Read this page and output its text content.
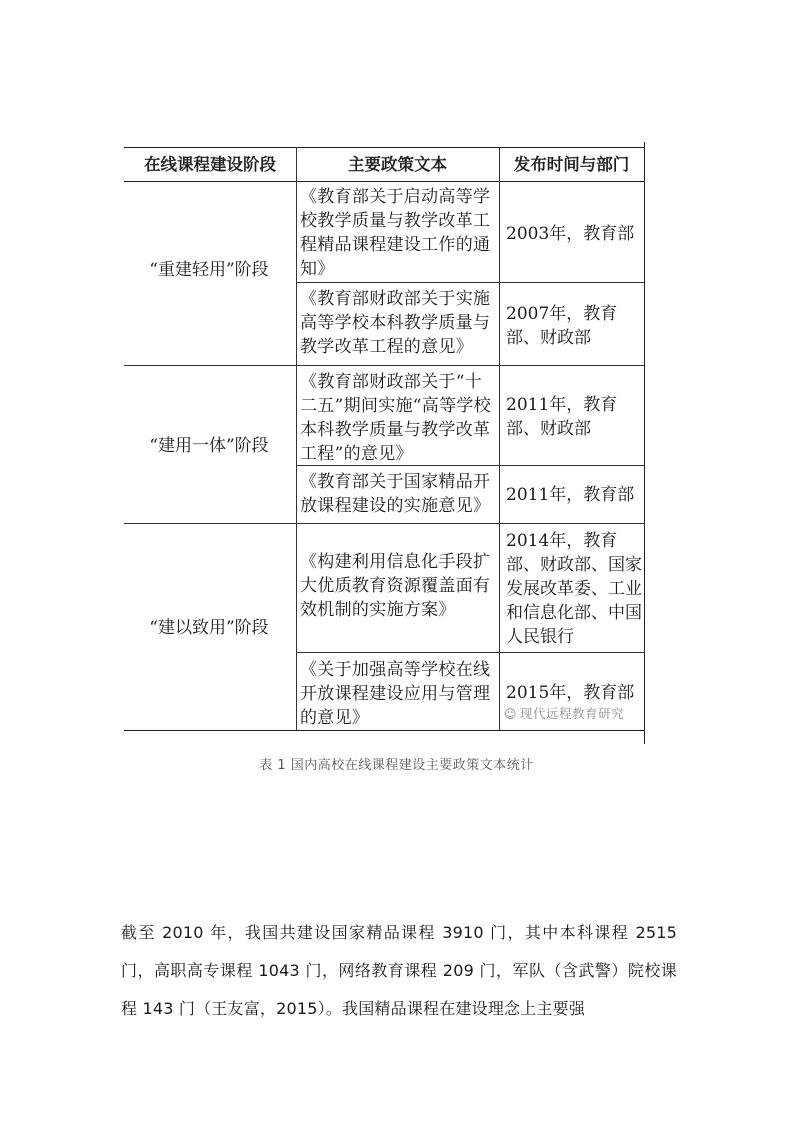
在线课程建设阶段	主要政策文本	发布时间与部门
“重建轻用”阶段
“建用一体”阶段
“建以致用”阶段
《教育部关于启动高等学校教学质量与教学改革工程精品课程建设工作的通知》
《教育部财政部关于实施高等学校本科教学质量与教学改革工程的意见》
《教育部财政部关于“十二五”期间实施“高等学校本科教学质量与教学改革工程”的意见》
《教育部关于国家精品开放课程建设的实施意见》
《构建利用信息化手段扩大优质教育资源覆盖面有效机制的实施方案》
《关于加强高等学校在线开放课程建设应用与管理的意见》
2003年，教育部
2007年，教育部、财政部
2011年，教育部、财政部
2011年，教育部
2014年，教育部、财政部、国家发展改革委、工业和信息化部、中国人民银行
2015年，教育部
☺ 现代远程教育研究
表 1 国内高校在线课程建设主要政策文本统计
截至 2010 年，我国共建设国家精品课程 3910 门，其中本科课程 2515 门，高职高专课程 1043 门，网络教育课程 209 门，军队（含武警）院校课程 143 门（王友富，2015）。我国精品课程在建设理念上主要强
